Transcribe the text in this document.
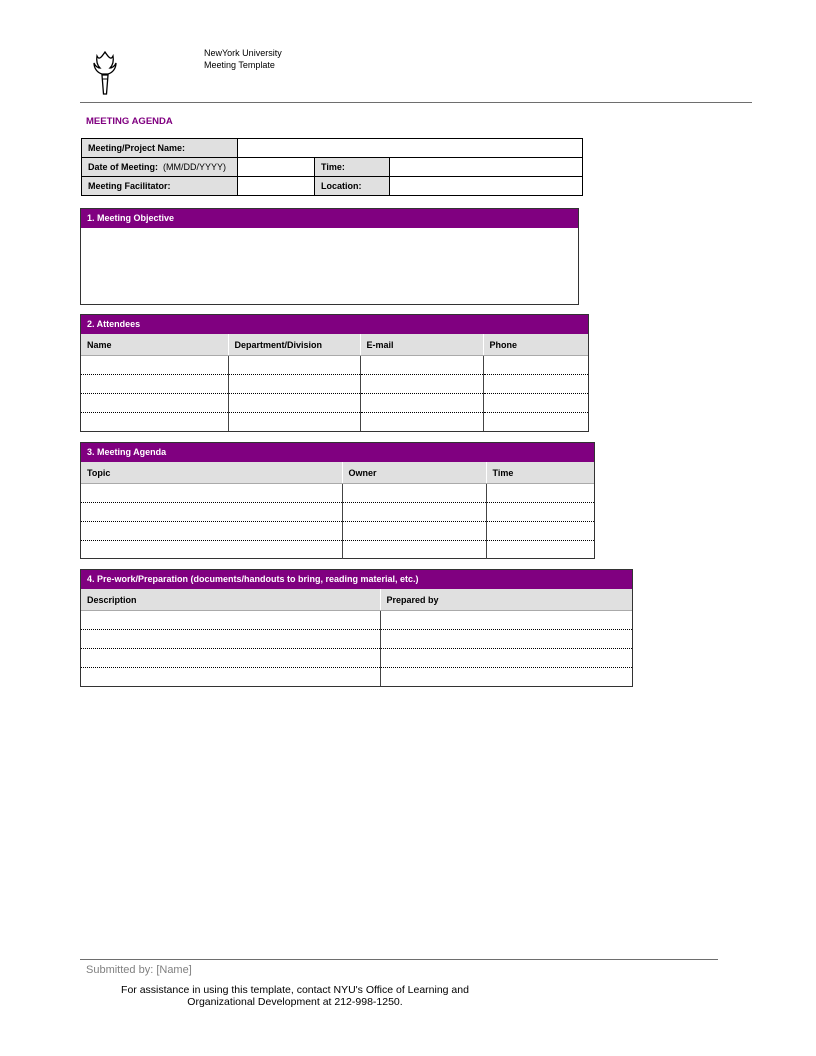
NewYork University
Meeting Template
MEETING AGENDA
Meeting/Project Name:			
Date of Meeting: (MM/DD/YYYY)		Time:	
Meeting Facilitator:		Location:	
1. Meeting Objective
2. Attendees
Name	Department/Division	E-mail	Phone

3. Meeting Agenda
Topic	Owner	Time

4. Pre-work/Preparation (documents/handouts to bring, reading material, etc.)
Description	Prepared by

Submitted by: [Name]
For assistance in using this template, contact NYU's Office of Learning and
Organizational Development at 212-998-1250.
